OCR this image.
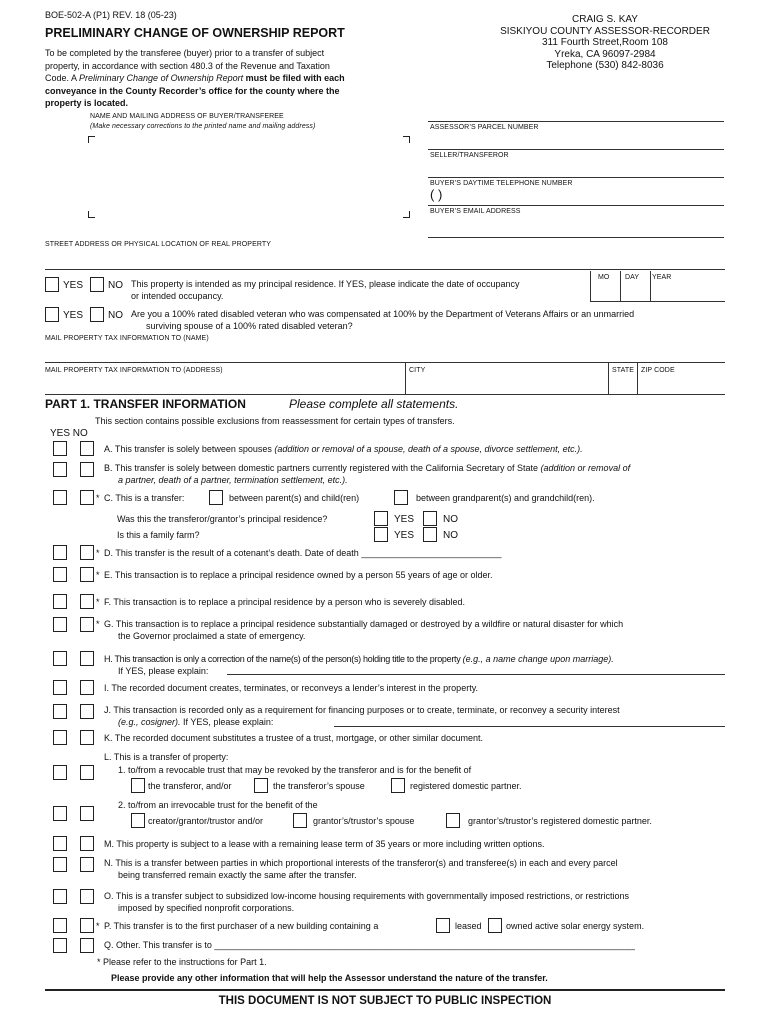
BOE-502-A (P1) REV. 18 (05-23)
PRELIMINARY CHANGE OF OWNERSHIP REPORT
To be completed by the transferee (buyer) prior to a transfer of subject
property, in accordance with section 480.3 of the Revenue and Taxation
Code. A Preliminary Change of Ownership Report must be filed with each
conveyance in the County Recorder’s office for the county where the
property is located.
CRAIG S. KAY
SISKIYOU COUNTY ASSESSOR-RECORDER
311 Fourth Street,Room 108
Yreka, CA 96097-2984
Telephone (530) 842-8036
NAME AND MAILING ADDRESS OF BUYER/TRANSFEREE
(Make necessary corrections to the printed name and mailing address)	ASSESSOR’S PARCEL NUMBER
SELLER/TRANSFEROR
BUYER’S DAYTIME TELEPHONE NUMBER
( )
BUYER’S EMAIL ADDRESS
STREET ADDRESS OR PHYSICAL LOCATION OF REAL PROPERTY
YES NO This property is intended as my principal residence. If YES, please indicate the date of occupancy
or intended occupancy.
MO DAY YEAR
YES NO Are you a 100% rated disabled veteran who was compensated at 100% by the Department of Veterans Affairs or an unmarried
surviving spouse of a 100% rated disabled veteran?
MAIL PROPERTY TAX INFORMATION TO (NAME)
MAIL PROPERTY TAX INFORMATION TO (ADDRESS)	CITY	STATE ZIP CODE
PART 1. TRANSFER INFORMATION	Please complete all statements.
This section contains possible exclusions from reassessment for certain types of transfers.
YES NO
A. This transfer is solely between spouses (addition or removal of a spouse, death of a spouse, divorce settlement, etc.).
B. This transfer is solely between domestic partners currently registered with the California Secretary of State (addition or removal of
a partner, death of a partner, termination settlement, etc.).
* C. This is a transfer:	between parent(s) and child(ren)	between grandparent(s) and grandchild(ren).
Was this the transferor/grantor’s principal residence?	YES	NO
Is this a family farm?	YES	NO
* D. This transfer is the result of a cotenant’s death. Date of death ____________________________
* E. This transaction is to replace a principal residence owned by a person 55 years of age or older.
* F. This transaction is to replace a principal residence by a person who is severely disabled.
* G. This transaction is to replace a principal residence substantially damaged or destroyed by a wildfire or natural disaster for which
the Governor proclaimed a state of emergency.
H. This transaction is only a correction of the name(s) of the person(s) holding title to the property (e.g., a name change upon marriage).
If YES, please explain:
I. The recorded document creates, terminates, or reconveys a lender’s interest in the property.
J. This transaction is recorded only as a requirement for financing purposes or to create, terminate, or reconvey a security interest
(e.g., cosigner). If YES, please explain:
K. The recorded document substitutes a trustee of a trust, mortgage, or other similar document.
L. This is a transfer of property:
1. to/from a revocable trust that may be revoked by the transferor and is for the benefit of
the transferor, and/or	the transferor’s spouse	registered domestic partner.
2. to/from an irrevocable trust for the benefit of the
creator/grantor/trustor and/or	grantor’s/trustor’s spouse	grantor’s/trustor’s registered domestic partner.
M. This property is subject to a lease with a remaining lease term of 35 years or more including written options.
N. This is a transfer between parties in which proportional interests of the transferor(s) and transferee(s) in each and every parcel
being transferred remain exactly the same after the transfer.
O. This is a transfer subject to subsidized low-income housing requirements with governmentally imposed restrictions, or restrictions
imposed by specified nonprofit corporations.
* P. This transfer is to the first purchaser of a new building containing a	leased	owned active solar energy system.
Q. Other. This transfer is to ____________________________________________________________________________________
* Please refer to the instructions for Part 1.
Please provide any other information that will help the Assessor understand the nature of the transfer.
THIS DOCUMENT IS NOT SUBJECT TO PUBLIC INSPECTION
